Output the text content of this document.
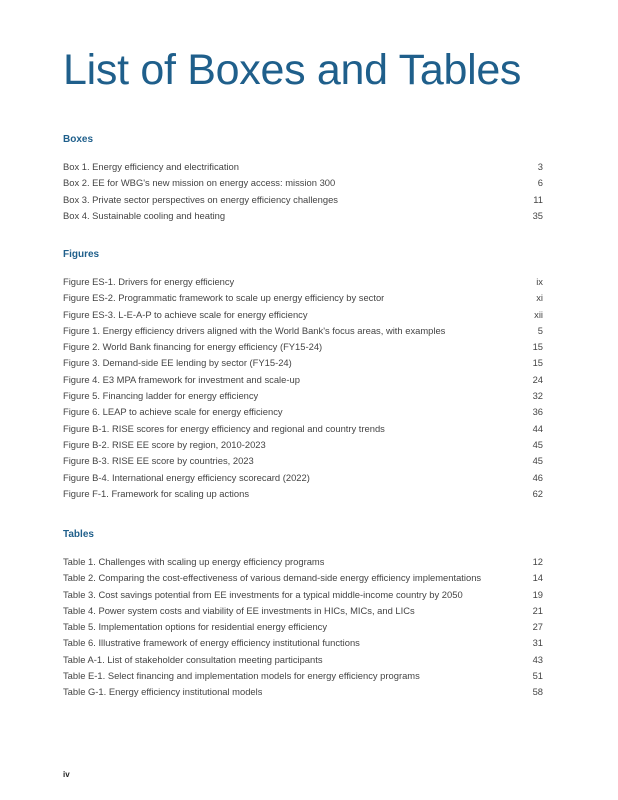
List of Boxes and Tables
Boxes
Box 1. Energy efficiency and electrification	3
Box 2. EE for WBG's new mission on energy access: mission 300	6
Box 3. Private sector perspectives on energy efficiency challenges	11
Box 4. Sustainable cooling and heating	35
Figures
Figure ES-1. Drivers for energy efficiency	ix
Figure ES-2. Programmatic framework to scale up energy efficiency by sector	xi
Figure ES-3. L-E-A-P to achieve scale for energy efficiency	xii
Figure 1. Energy efficiency drivers aligned with the World Bank's focus areas, with examples	5
Figure 2. World Bank financing for energy efficiency (FY15-24)	15
Figure 3. Demand-side EE lending by sector (FY15-24)	15
Figure 4. E3 MPA framework for investment and scale-up	24
Figure 5. Financing ladder for energy efficiency	32
Figure 6. LEAP to achieve scale for energy efficiency	36
Figure B-1. RISE scores for energy efficiency and regional and country trends	44
Figure B-2. RISE EE score by region, 2010-2023	45
Figure B-3. RISE EE score by countries, 2023	45
Figure B-4. International energy efficiency scorecard (2022)	46
Figure F-1. Framework for scaling up actions	62
Tables
Table 1. Challenges with scaling up energy efficiency programs	12
Table 2. Comparing the cost-effectiveness of various demand-side energy efficiency implementations	14
Table 3. Cost savings potential from EE investments for a typical middle-income country by 2050	19
Table 4. Power system costs and viability of EE investments in HICs, MICs, and LICs	21
Table 5. Implementation options for residential energy efficiency	27
Table 6. Illustrative framework of energy efficiency institutional functions	31
Table A-1. List of stakeholder consultation meeting participants	43
Table E-1. Select financing and implementation models for energy efficiency programs	51
Table G-1. Energy efficiency institutional models	58
iv
